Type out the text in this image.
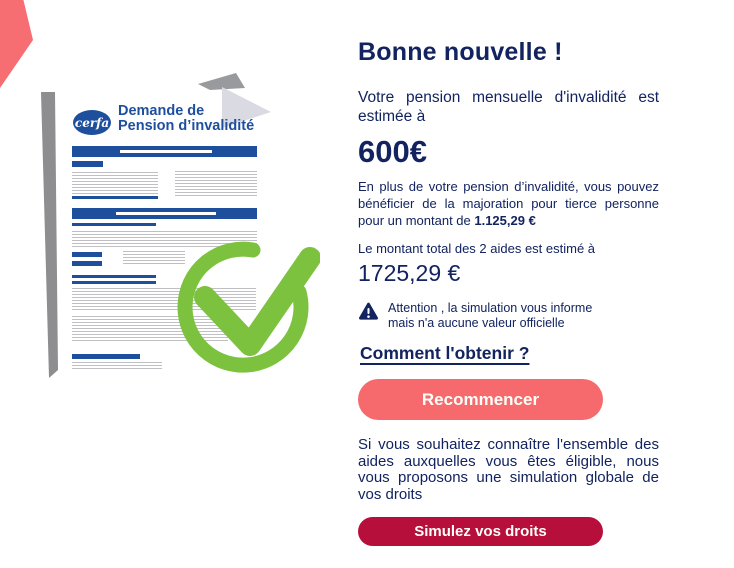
cerfa
Demande de
Pension d’invalidité
Bonne nouvelle !

Votre pension mensuelle d'invalidité est estimée à

600€

En plus de votre pension d’invalidité, vous pouvez bénéficier de la majoration pour tierce personne pour un montant de 1.125,29 €

Le montant total des 2 aides est estimé à 1725,29 €

Attention , la simulation vous informe mais n'a aucune valeur officielle
Comment l'obtenir ?
Recommencer

Si vous souhaitez connaître l'ensemble des aides auxquelles vous êtes éligible, nous vous proposons une simulation globale de vos droits

Simulez vos droits
